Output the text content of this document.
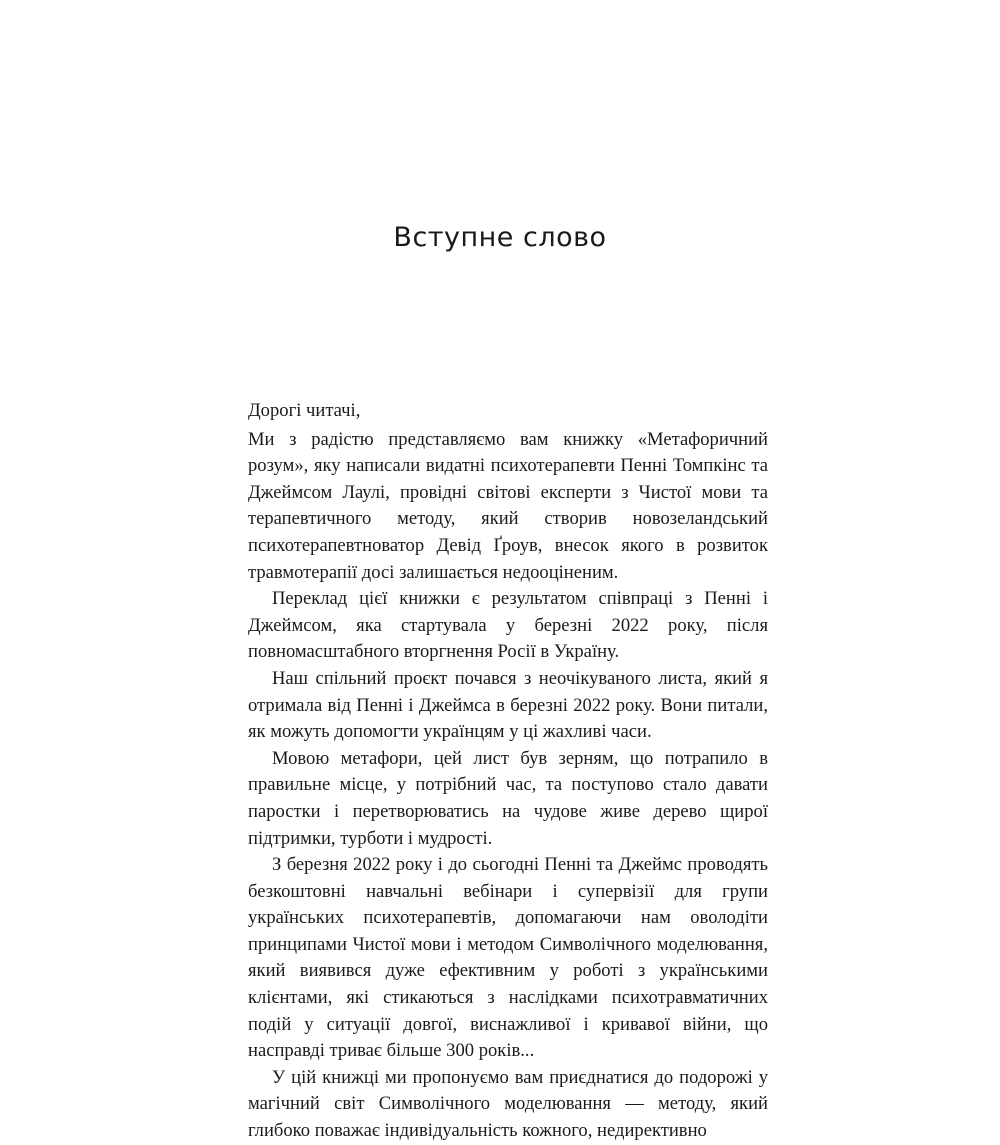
Вступне слово

Дорогі читачі,

Ми з радістю представляємо вам книжку «Метафоричний розум», яку написали видатні психотерапевти Пенні Томпкінс та Джеймсом Лаулі, провідні світові експерти з Чистої мови та терапевтичного методу, який створив новозеландський психотерапевтноватор Девід Ґроув, внесок якого в розвиток травмотерапії досі залишається недооціненим.

Переклад цієї книжки є результатом співпраці з Пенні і Джеймсом, яка стартувала у березні 2022 року, після повномасштабного вторгнення Росії в Україну.

Наш спільний проєкт почався з неочікуваного листа, який я отримала від Пенні і Джеймса в березні 2022 року. Вони питали, як можуть допомогти українцям у ці жахливі часи.

Мовою метафори, цей лист був зерням, що потрапило в правильне місце, у потрібний час, та поступово стало давати паростки і перетворюватись на чудове живе дерево щирої підтримки, турботи і мудрості.

З березня 2022 року і до сьогодні Пенні та Джеймс проводять безкоштовні навчальні вебінари і супервізії для групи українських психотерапевтів, допомагаючи нам оволодіти принципами Чистої мови і методом Символічного моделювання, який виявився дуже ефективним у роботі з українськими клієнтами, які стикаються з наслідками психотравматичних подій у ситуації довгої, виснажливої і кривавої війни, що насправді триває більше 300 років...

У цій книжці ми пропонуємо вам приєднатися до подорожі у магічний світ Символічного моделювання — методу, який глибоко поважає індивідуальність кожного, недирективно
